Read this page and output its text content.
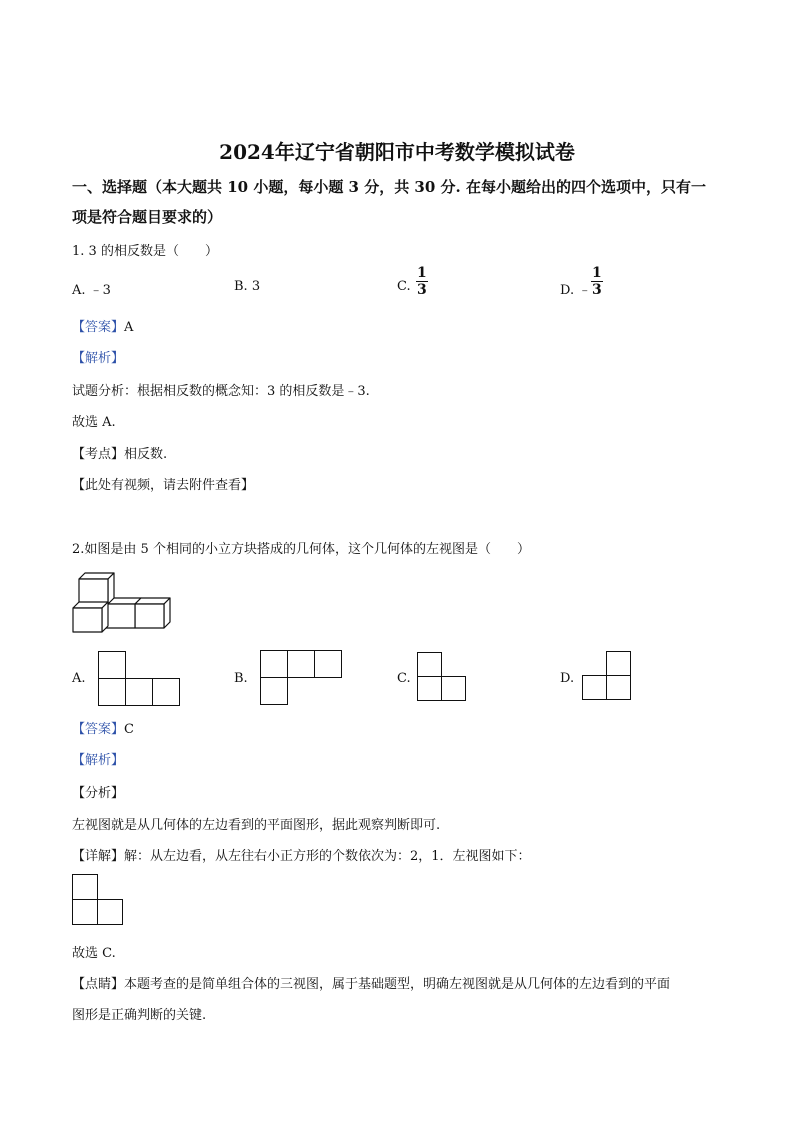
2024年辽宁省朝阳市中考数学模拟试卷
一、选择题（本大题共 10 小题，每小题 3 分，共 30 分. 在每小题给出的四个选项中，只有一
项是符合题目要求的）
1. 3 的相反数是（　　）
A. ﹣3	B. 3	C. $\frac{1}{3}$	D. ﹣ $\frac{1}{3}$
【答案】A
【解析】
试题分析：根据相反数的概念知：3 的相反数是﹣3.
故选 A.
【考点】相反数.
【此处有视频，请去附件查看】
2.如图是由 5 个相同的小立方块搭成的几何体，这个几何体的左视图是（　　）
A.	B.	C.	D.
【答案】C
【解析】
【分析】
左视图就是从几何体的左边看到的平面图形，据此观察判断即可.
【详解】解：从左边看，从左往右小正方形的个数依次为：2，1．左视图如下：
故选 C.
【点睛】本题考查的是简单组合体的三视图，属于基础题型，明确左视图就是从几何体的左边看到的平面
图形是正确判断的关键.
